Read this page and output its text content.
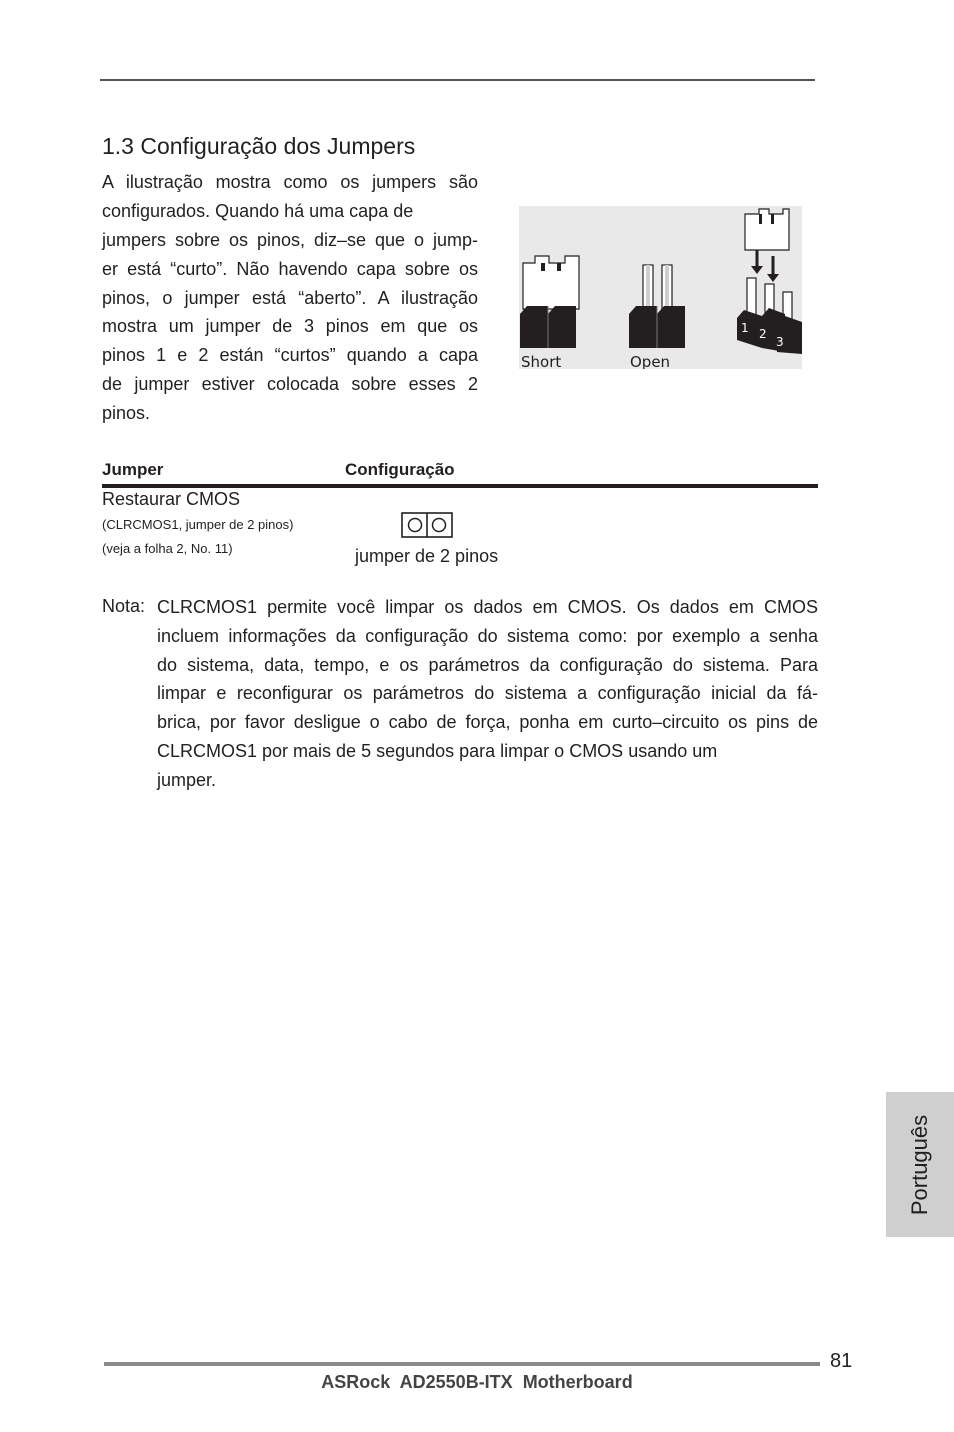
1.3 Configuração dos Jumpers
A ilustração mostra como os jumpers são
configurados. Quando há uma capa de
jumpers sobre os pinos, diz–se que o jump-
er está “curto”. Não havendo capa sobre os
pinos, o jumper está “aberto”. A ilustração
mostra um jumper de 3 pinos em que os
pinos 1 e 2 están “curtos” quando a capa
de jumper estiver colocada sobre esses 2
pinos.
1 2
3
Short	Open
Jumper	Configuração
Restaurar CMOS
(CLRCMOS1, jumper de 2 pinos)
(veja a folha 2, No. 11)	jumper de 2 pinos
Nota: CLRCMOS1 permite você limpar os dados em CMOS. Os dados em CMOS
incluem informações da configuração do sistema como: por exemplo a senha
do sistema, data, tempo, e os parámetros da configuração do sistema. Para
limpar e reconfigurar os parámetros do sistema a configuração inicial da fá-
brica, por favor desligue o cabo de força, ponha em curto–circuito os pins de
CLRCMOS1 por mais de 5 segundos para limpar o CMOS usando um
jumper.
Português
81
ASRock  AD2550B-ITX  Motherboard
